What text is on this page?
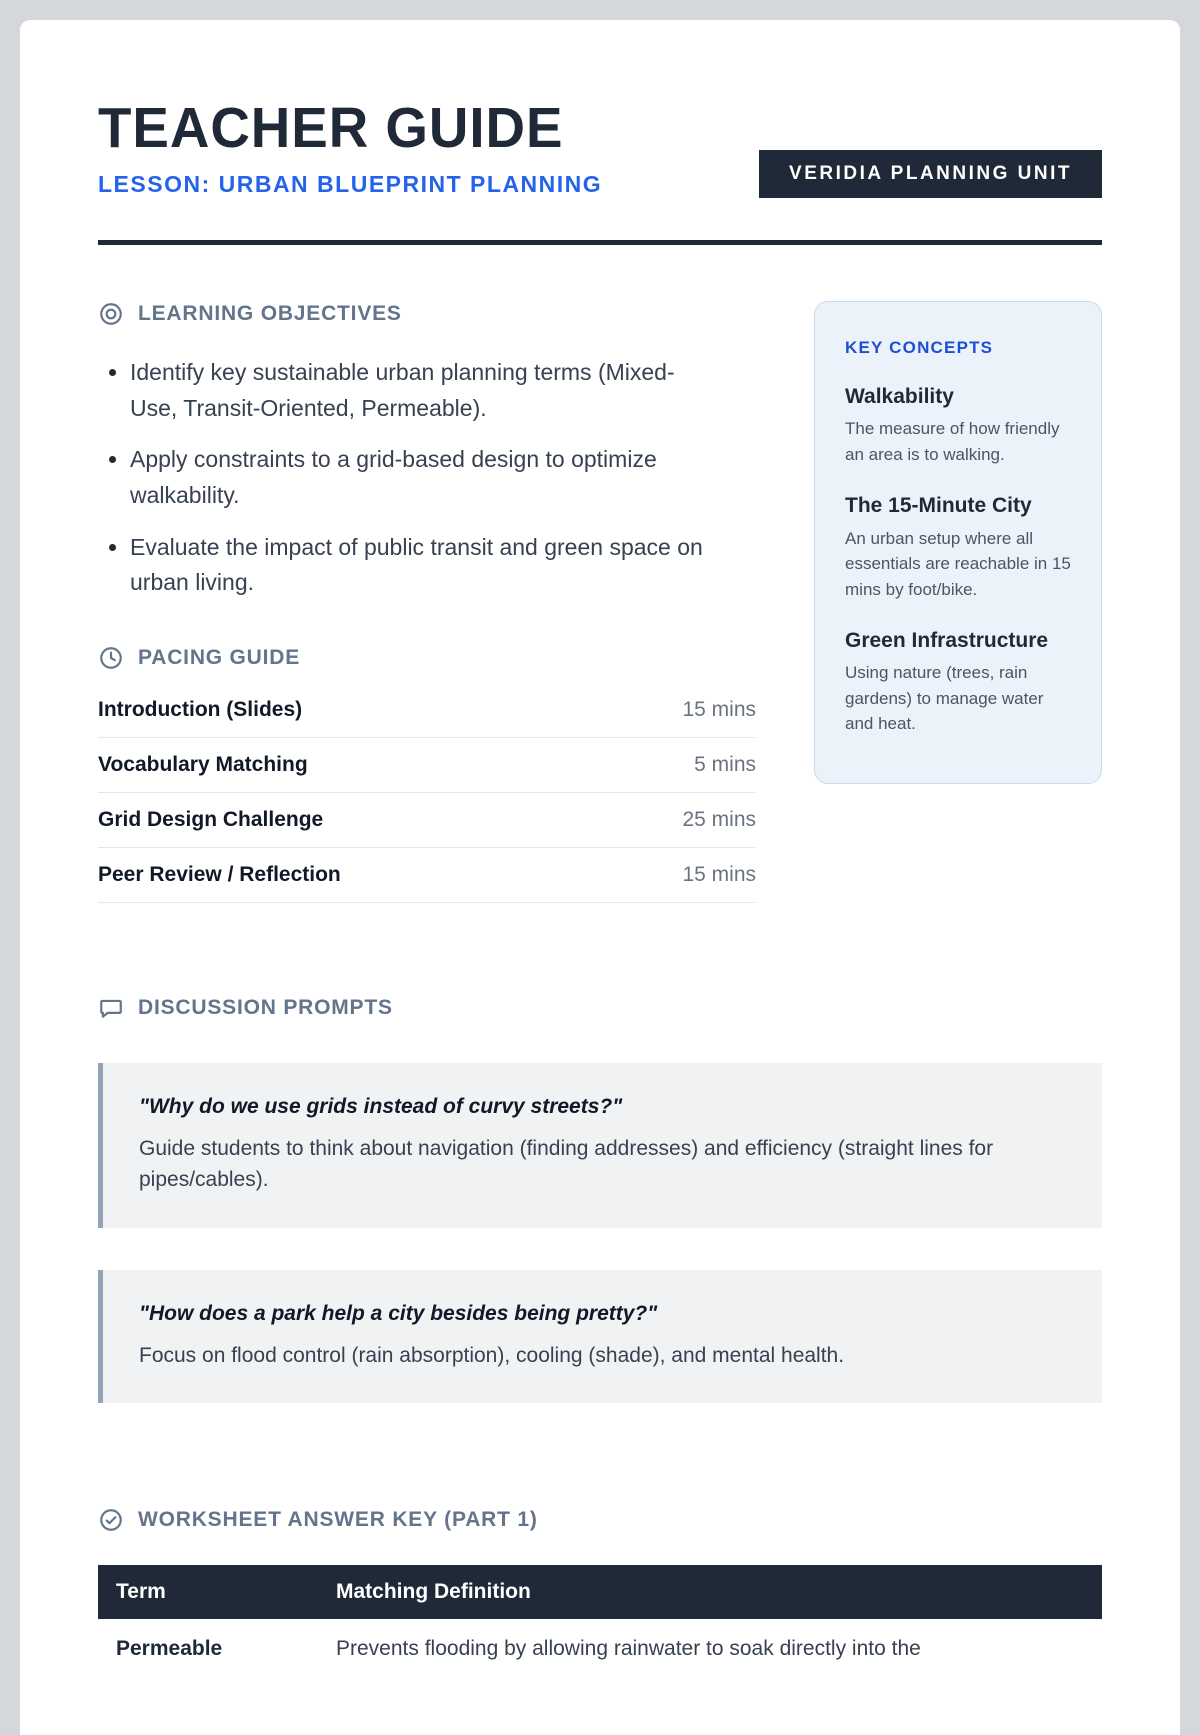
TEACHER GUIDE
LESSON: URBAN BLUEPRINT PLANNING	VERIDIA PLANNING UNIT
LEARNING OBJECTIVES
• Identify key sustainable urban planning terms (Mixed-Use, Transit-Oriented, Permeable).
• Apply constraints to a grid-based design to optimize walkability.
• Evaluate the impact of public transit and green space on urban living.
PACING GUIDE
Introduction (Slides)	15 mins
Vocabulary Matching	5 mins
Grid Design Challenge	25 mins
Peer Review / Reflection	15 mins
KEY CONCEPTS
Walkability
The measure of how friendly an area is to walking.
The 15-Minute City
An urban setup where all essentials are reachable in 15 mins by foot/bike.
Green Infrastructure
Using nature (trees, rain gardens) to manage water and heat.
DISCUSSION PROMPTS
"Why do we use grids instead of curvy streets?"
Guide students to think about navigation (finding addresses) and efficiency (straight lines for pipes/cables).
"How does a park help a city besides being pretty?"
Focus on flood control (rain absorption), cooling (shade), and mental health.
WORKSHEET ANSWER KEY (PART 1)
Term	Matching Definition
Permeable	Prevents flooding by allowing rainwater to soak directly into the
